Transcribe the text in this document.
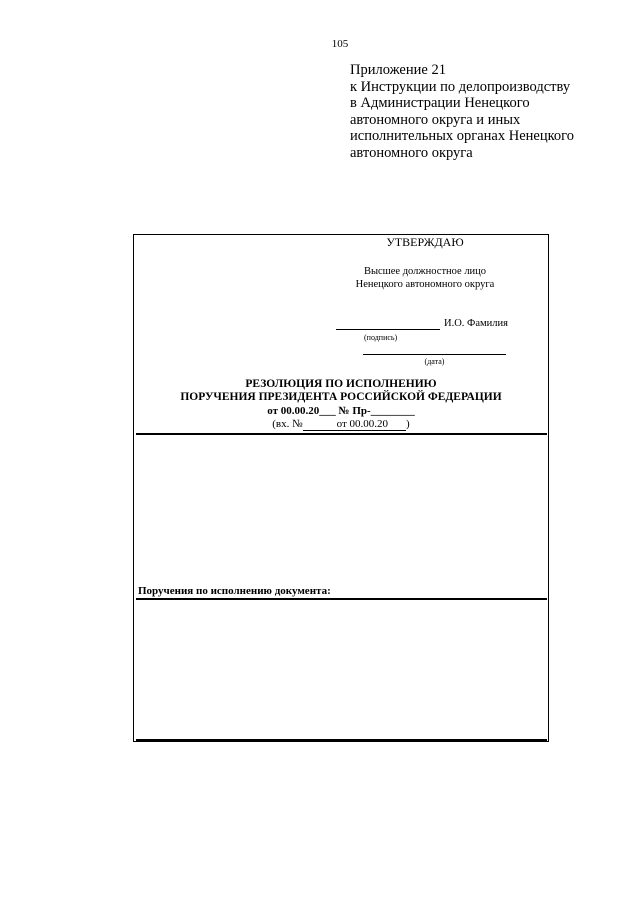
105
Приложение 21
к Инструкции по делопроизводству
в Администрации Ненецкого
автономного округа и иных
исполнительных органах Ненецкого
автономного округа
УТВЕРЖДАЮ
Высшее должностное лицо
Ненецкого автономного округа
И.О. Фамилия
(подпись)
(дата)
РЕЗОЛЮЦИЯ ПО ИСПОЛНЕНИЮ
ПОРУЧЕНИЯ ПРЕЗИДЕНТА РОССИЙСКОЙ ФЕДЕРАЦИИ
от 00.00.20___ № Пр-________
(вх. №	от 00.00.20 )
Поручения по исполнению документа:
